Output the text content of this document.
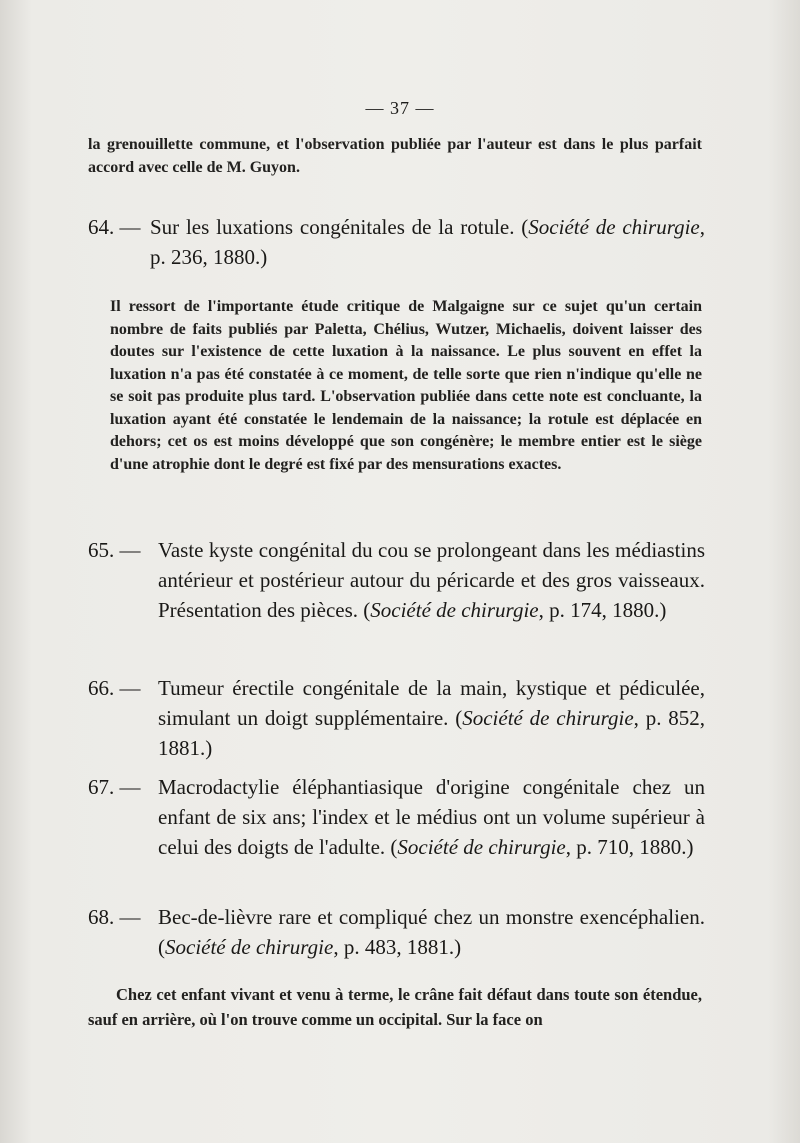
— 37 —
la grenouillette commune, et l'observation publiée par l'auteur est dans le plus parfait accord avec celle de M. Guyon.
64. — Sur les luxations congénitales de la rotule. (Société de chirurgie, p. 236, 1880.)
Il ressort de l'importante étude critique de Malgaigne sur ce sujet qu'un certain nombre de faits publiés par Paletta, Chélius, Wutzer, Michaelis, doivent laisser des doutes sur l'existence de cette luxation à la naissance. Le plus souvent en effet la luxation n'a pas été constatée à ce moment, de telle sorte que rien n'indique qu'elle ne se soit pas produite plus tard. L'observation publiée dans cette note est concluante, la luxation ayant été constatée le lendemain de la naissance; la rotule est déplacée en dehors; cet os est moins développé que son congénère; le membre entier est le siège d'une atrophie dont le degré est fixé par des mensurations exactes.
65. — Vaste kyste congénital du cou se prolongeant dans les médiastins antérieur et postérieur autour du péricarde et des gros vaisseaux. Présentation des pièces. (Société de chirurgie, p. 174, 1880.)
66. — Tumeur érectile congénitale de la main, kystique et pédiculée, simulant un doigt supplémentaire. (Société de chirurgie, p. 852, 1881.)
67. — Macrodactylie éléphantiasique d'origine congénitale chez un enfant de six ans; l'index et le médius ont un volume supérieur à celui des doigts de l'adulte. (Société de chirurgie, p. 710, 1880.)
68. — Bec-de-lièvre rare et compliqué chez un monstre exencéphalien. (Société de chirurgie, p. 483, 1881.)
Chez cet enfant vivant et venu à terme, le crâne fait défaut dans toute son étendue, sauf en arrière, où l'on trouve comme un occipital. Sur la face on
